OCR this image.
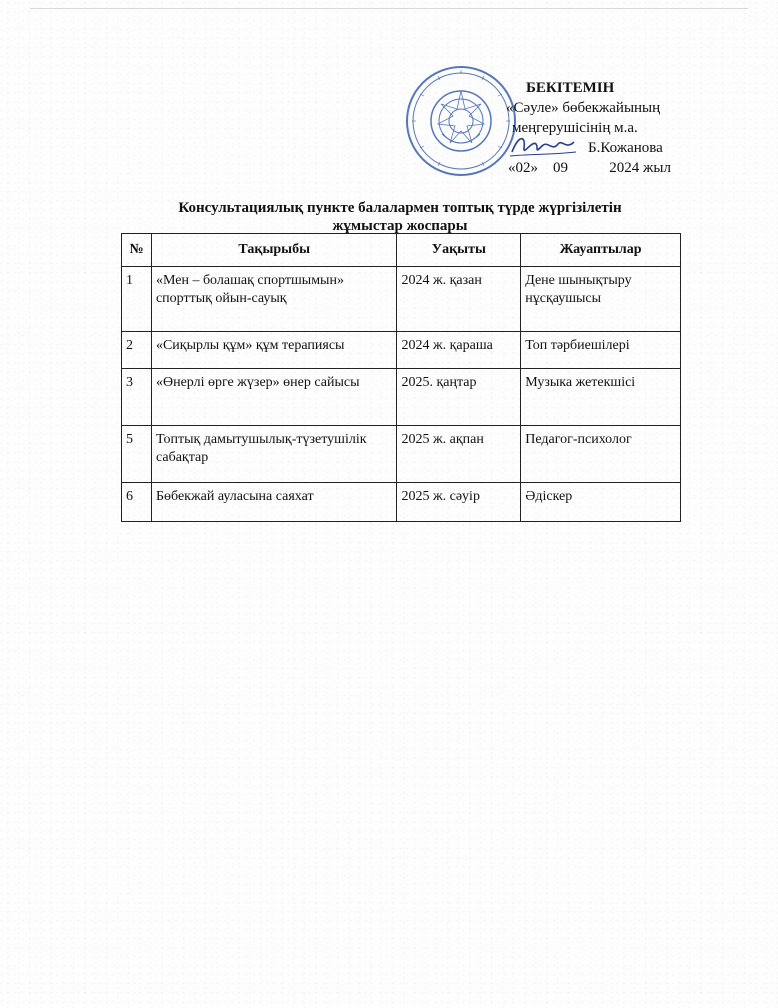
БЕКІТЕМІН
«Сәуле» бөбекжайының
меңгерушісінің м.а.
Б.Кожанова
«02»    09           2024 жыл
Консультациялық пункте балалармен топтық түрде жүргізілетін
жұмыстар жоспары
№	Тақырыбы	Уақыты	Жауаптылар
1	«Мен – болашақ спортшымын» спорттық ойын-сауық	2024 ж. қазан	Дене шынықтыру нұсқаушысы
2	«Сиқырлы құм» құм терапиясы	2024 ж. қараша	Топ тәрбиешілері
3	«Өнерлі өрге жүзер» өнер сайысы	2025. қаңтар	Музыка жетекшісі
5	Топтық дамытушылық-түзетушілік сабақтар	2025 ж. ақпан	Педагог-психолог
6	Бөбекжай ауласына саяхат	2025 ж. сәуір	Әдіскер
